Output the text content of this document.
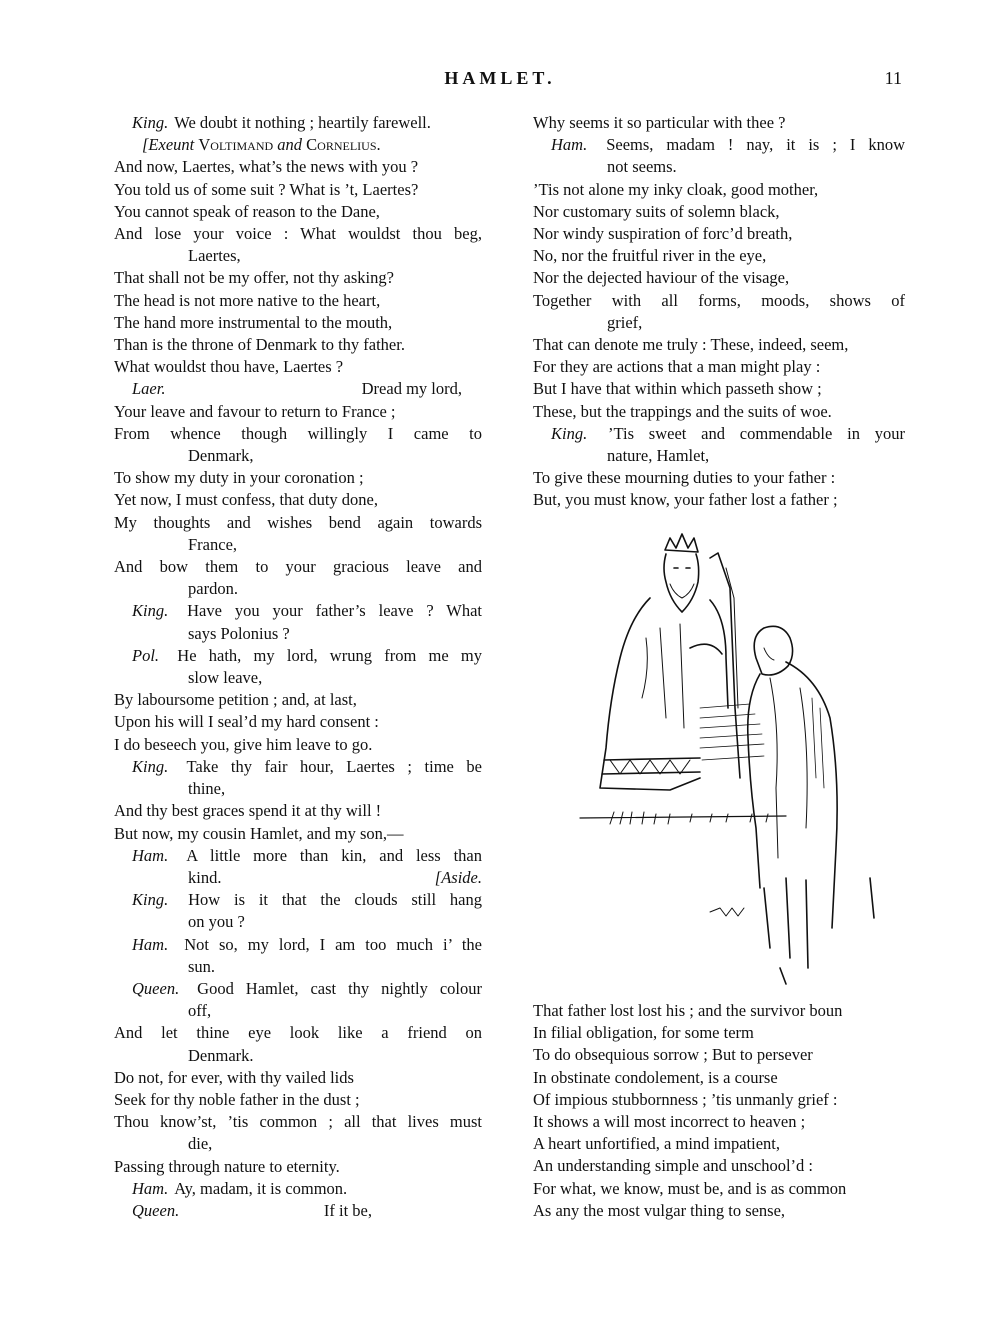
HAMLET.	11
King. We doubt it nothing ; heartily farewell.
[Exeunt Voltimand and Cornelius.
And now, Laertes, what’s the news with you ?
You told us of some suit ? What is ’t, Laertes?
You cannot speak of reason to the Dane,
And lose your voice : What wouldst thou beg,
Laertes,
That shall not be my offer, not thy asking?
The head is not more native to the heart,
The hand more instrumental to the mouth,
Than is the throne of Denmark to thy father.
What wouldst thou have, Laertes ?
Laer.	Dread my lord,
Your leave and favour to return to France ;
From whence though willingly I came to
Denmark,
To show my duty in your coronation ;
Yet now, I must confess, that duty done,
My thoughts and wishes bend again towards
France,
And bow them to your gracious leave and
pardon.
King. Have you your father’s leave ? What
says Polonius ?
Pol. He hath, my lord, wrung from me my
slow leave,
By laboursome petition ; and, at last,
Upon his will I seal’d my hard consent :
I do beseech you, give him leave to go.
King. Take thy fair hour, Laertes ; time be
thine,
And thy best graces spend it at thy will !
But now, my cousin Hamlet, and my son,—
Ham. A little more than kin, and less than
kind.	[Aside.
King. How is it that the clouds still hang
on you ?
Ham. Not so, my lord, I am too much i’ the
sun.
Queen. Good Hamlet, cast thy nightly colour
off,
And let thine eye look like a friend on
Denmark.
Do not, for ever, with thy vailed lids
Seek for thy noble father in the dust ;
Thou know’st, ’tis common ; all that lives must
die,
Passing through nature to eternity.
Ham. Ay, madam, it is common.
Queen.	If it be,
Why seems it so particular with thee ?
Ham. Seems, madam ! nay, it is ; I know
not seems.
’Tis not alone my inky cloak, good mother,
Nor customary suits of solemn black,
Nor windy suspiration of forc’d breath,
No, nor the fruitful river in the eye,
Nor the dejected haviour of the visage,
Together with all forms, moods, shows of
grief,
That can denote me truly : These, indeed, seem,
For they are actions that a man might play :
But I have that within which passeth show ;
These, but the trappings and the suits of woe.
King. ’Tis sweet and commendable in your
nature, Hamlet,
To give these mourning duties to your father :
But, you must know, your father lost a father ;
That father lost lost his ; and the survivor boun
In filial obligation, for some term
To do obsequious sorrow ; But to persever
In obstinate condolement, is a course
Of impious stubbornness ; ’tis unmanly grief :
It shows a will most incorrect to heaven ;
A heart unfortified, a mind impatient,
An understanding simple and unschool’d :
For what, we know, must be, and is as common
As any the most vulgar thing to sense,
